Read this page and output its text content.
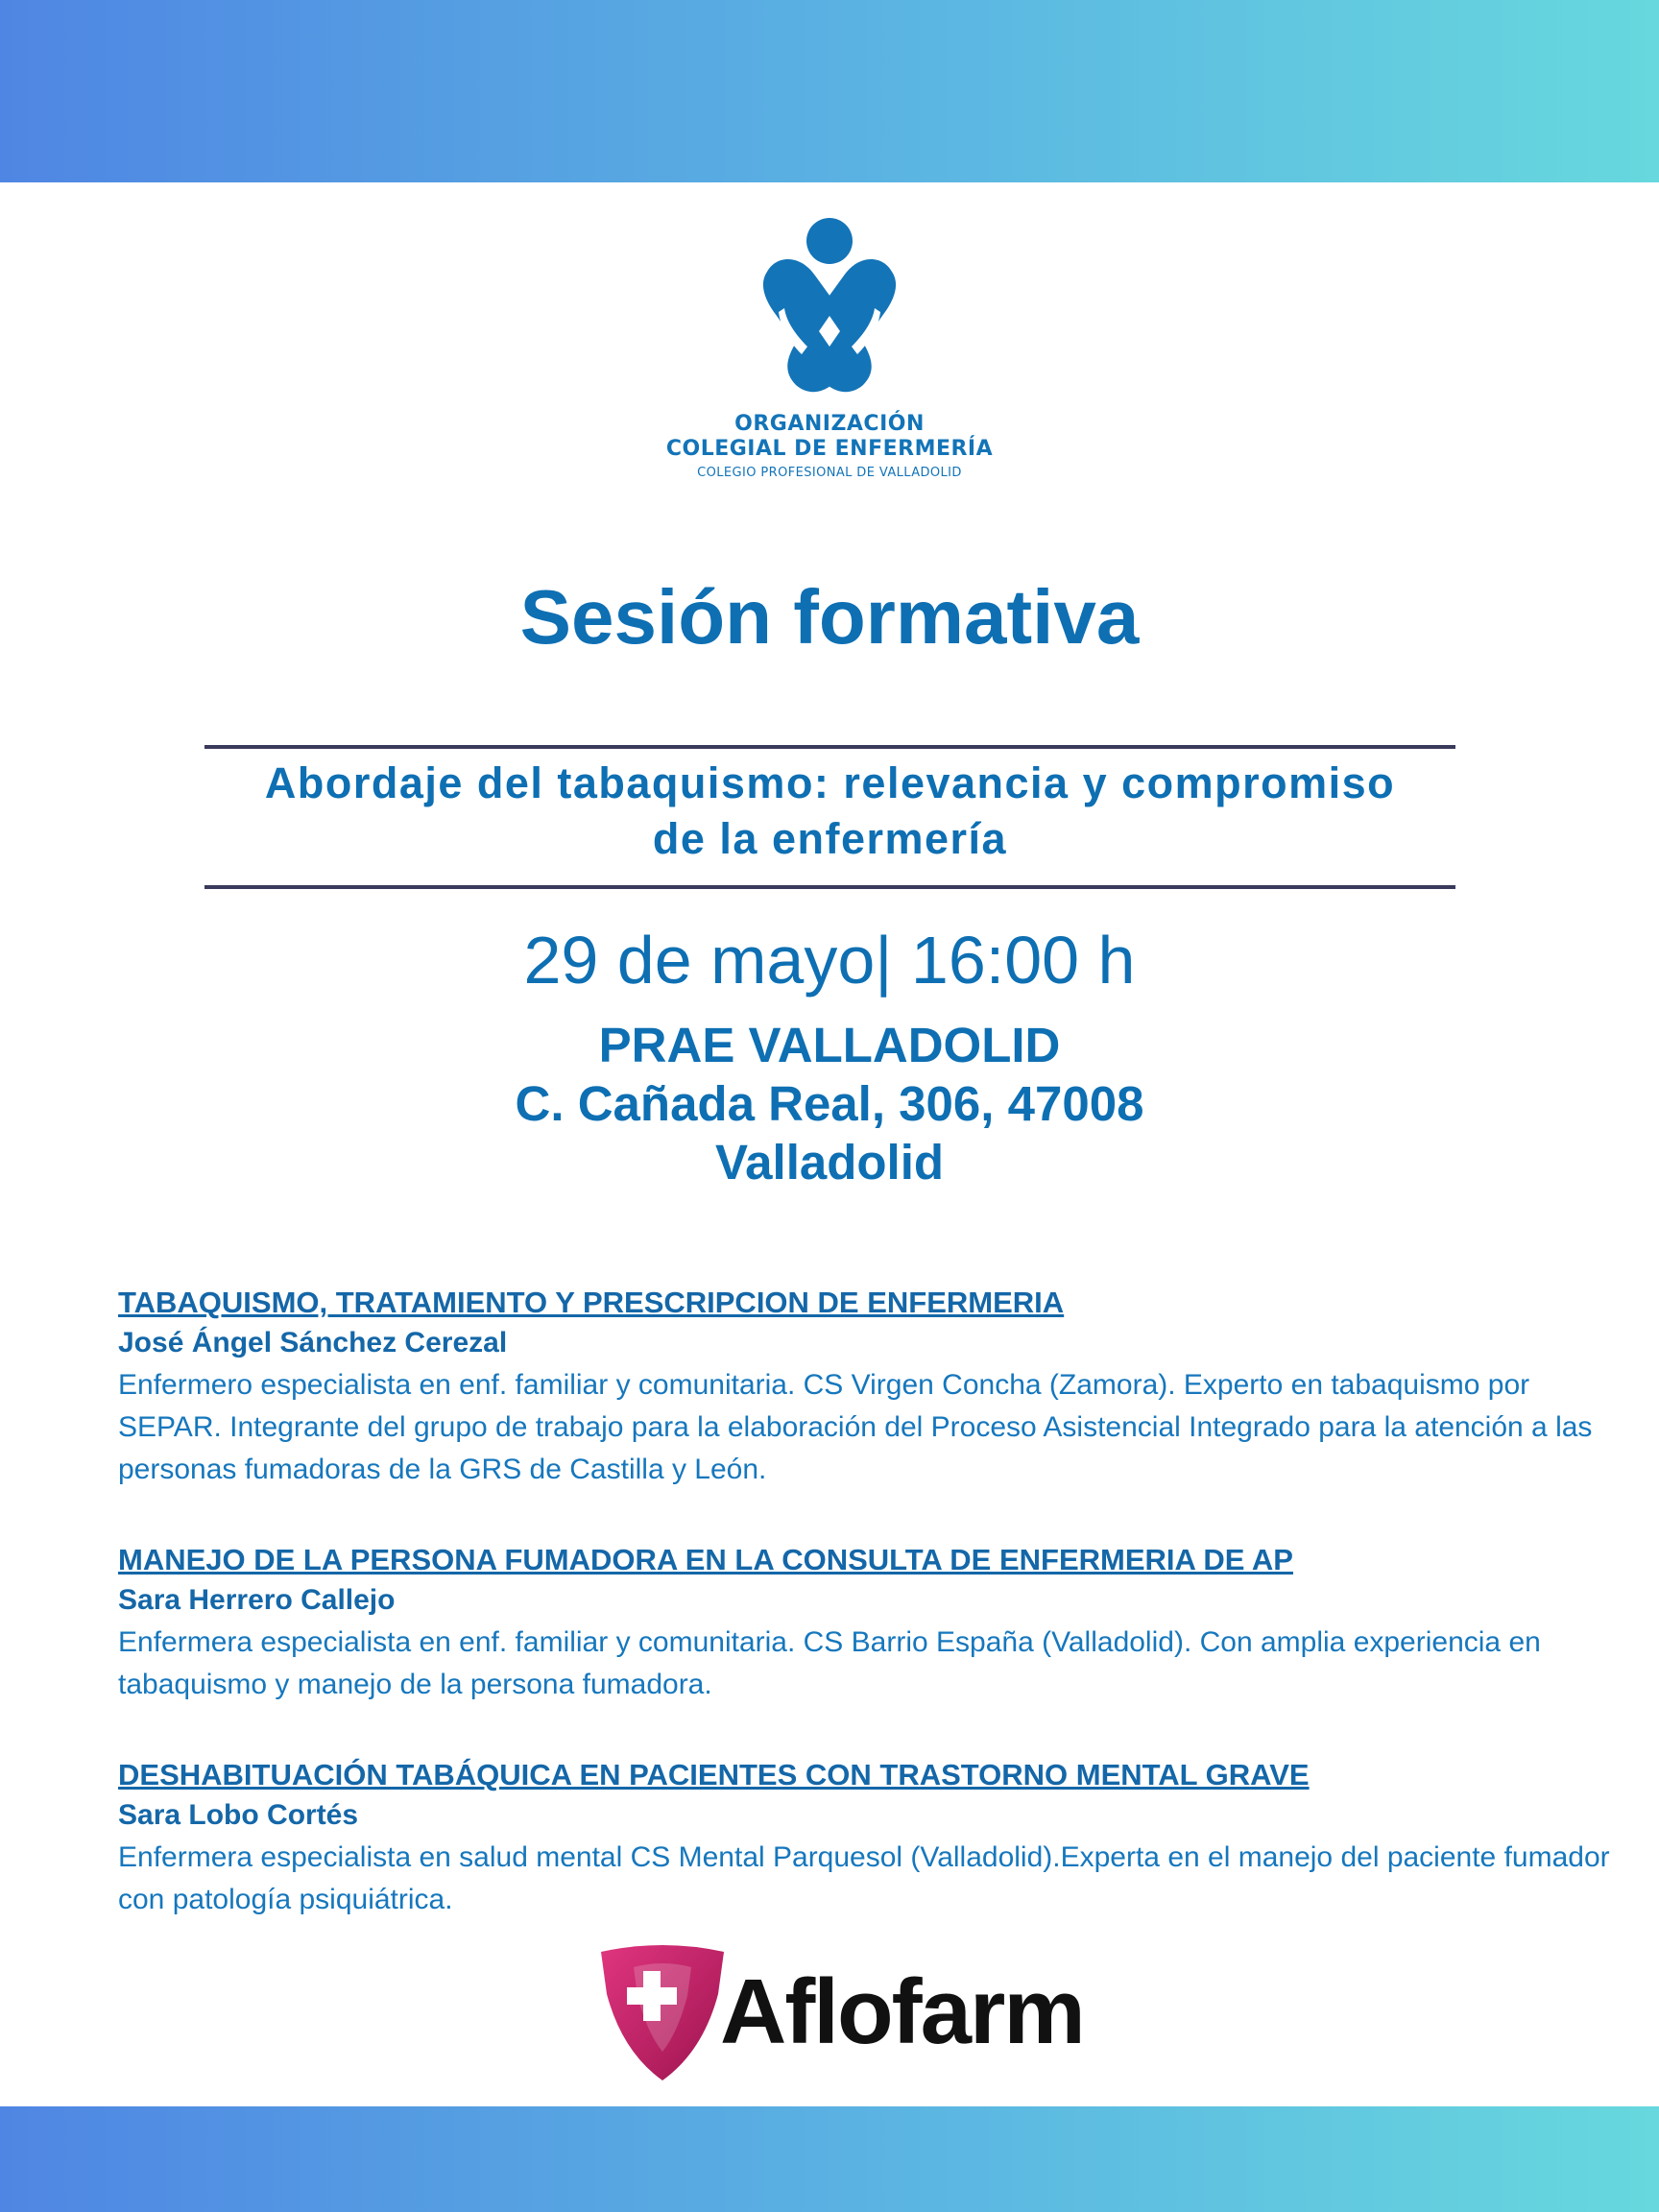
ORGANIZACIÓN
COLEGIAL DE ENFERMERÍA
COLEGIO PROFESIONAL DE VALLADOLID
Sesión formativa
Abordaje del tabaquismo: relevancia y compromiso
de la enfermería
29 de mayo| 16:00 h
PRAE VALLADOLID
C. Cañada Real, 306, 47008
Valladolid
TABAQUISMO, TRATAMIENTO Y PRESCRIPCION DE ENFERMERIA
José Ángel Sánchez Cerezal
Enfermero especialista en enf. familiar y comunitaria. CS Virgen Concha (Zamora). Experto en tabaquismo por SEPAR. Integrante del grupo de trabajo para la elaboración del Proceso Asistencial Integrado para la atención a las personas fumadoras de la GRS de Castilla y León.
MANEJO DE LA PERSONA FUMADORA EN LA CONSULTA DE ENFERMERIA DE AP
Sara Herrero Callejo
Enfermera especialista en enf. familiar y comunitaria. CS Barrio España (Valladolid). Con amplia experiencia en tabaquismo y manejo de la persona fumadora.
DESHABITUACIÓN TABÁQUICA EN PACIENTES CON TRASTORNO MENTAL GRAVE
Sara Lobo Cortés
Enfermera especialista en salud mental CS Mental Parquesol (Valladolid).Experta en el manejo del paciente fumador con patología psiquiátrica.
Aflofarm
